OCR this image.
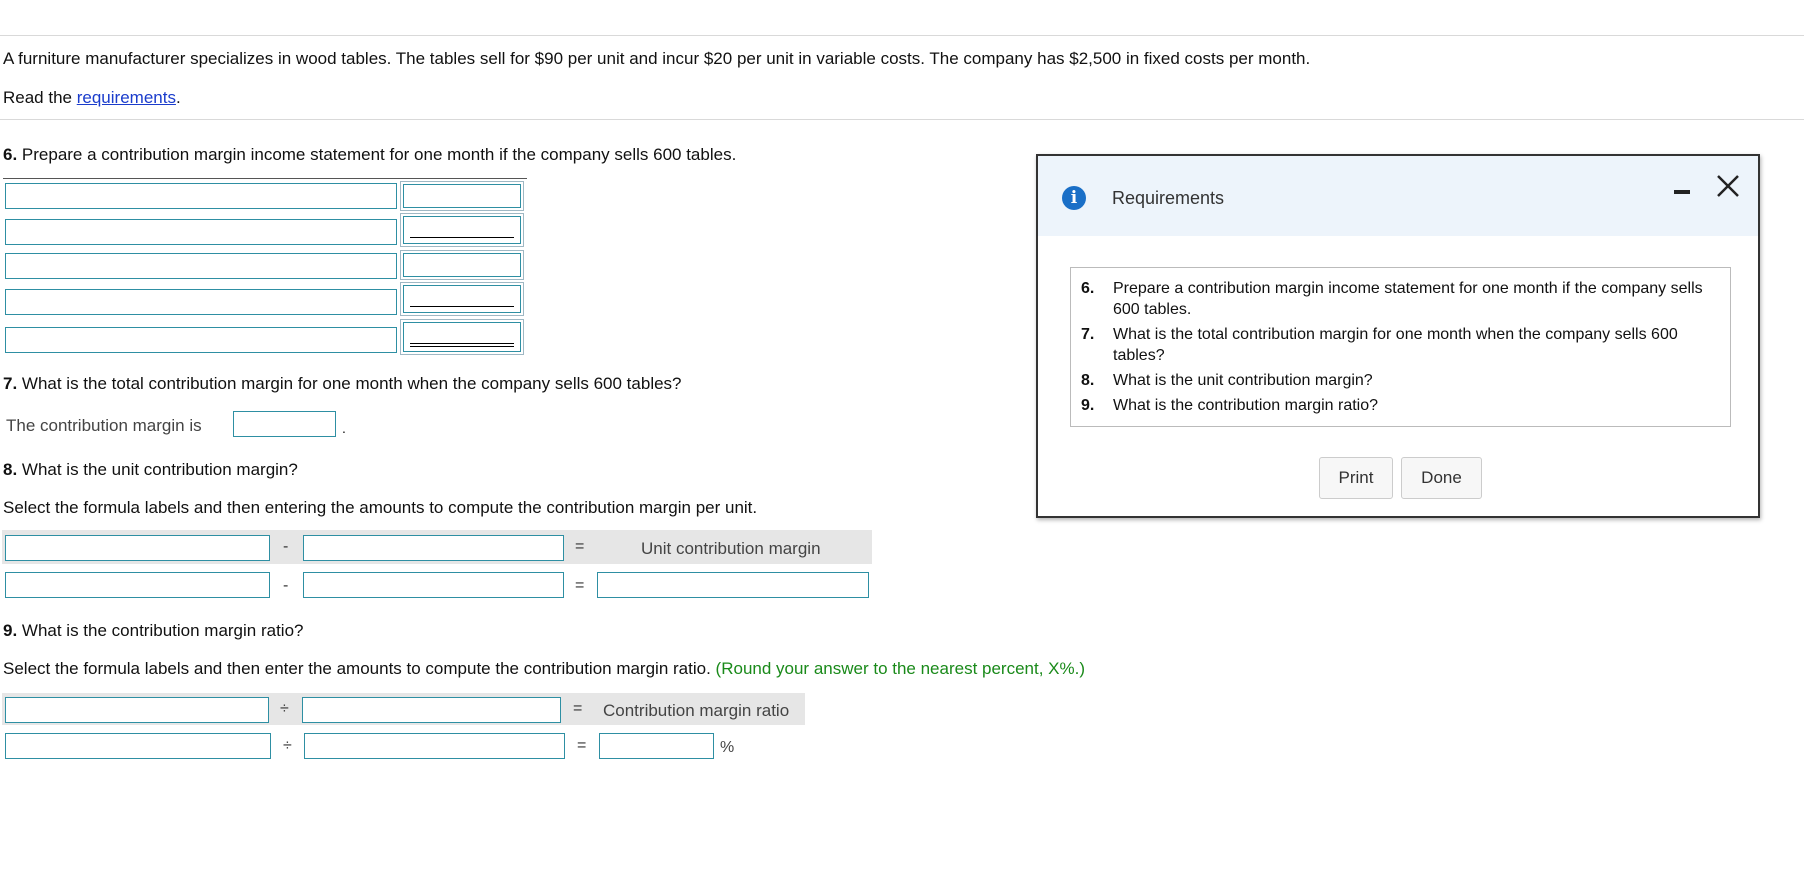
A furniture manufacturer specializes in wood tables. The tables sell for $90 per unit and incur $20 per unit in variable costs. The company has $2,500 in fixed costs per month.
Read the requirements.
6. Prepare a contribution margin income statement for one month if the company sells 600 tables.
7. What is the total contribution margin for one month when the company sells 600 tables?
The contribution margin is	.
8. What is the unit contribution margin?
Select the formula labels and then entering the amounts to compute the contribution margin per unit.
-	=	Unit contribution margin
-	=
9. What is the contribution margin ratio?
Select the formula labels and then enter the amounts to compute the contribution margin ratio. (Round your answer to the nearest percent, X%.)
÷	= Contribution margin ratio
÷	=	%
i	Requirements
6. Prepare a contribution margin income statement for one month if the company sells 600 tables.
7. What is the total contribution margin for one month when the company sells 600 tables?
8. What is the unit contribution margin?
9. What is the contribution margin ratio?
Print	Done
